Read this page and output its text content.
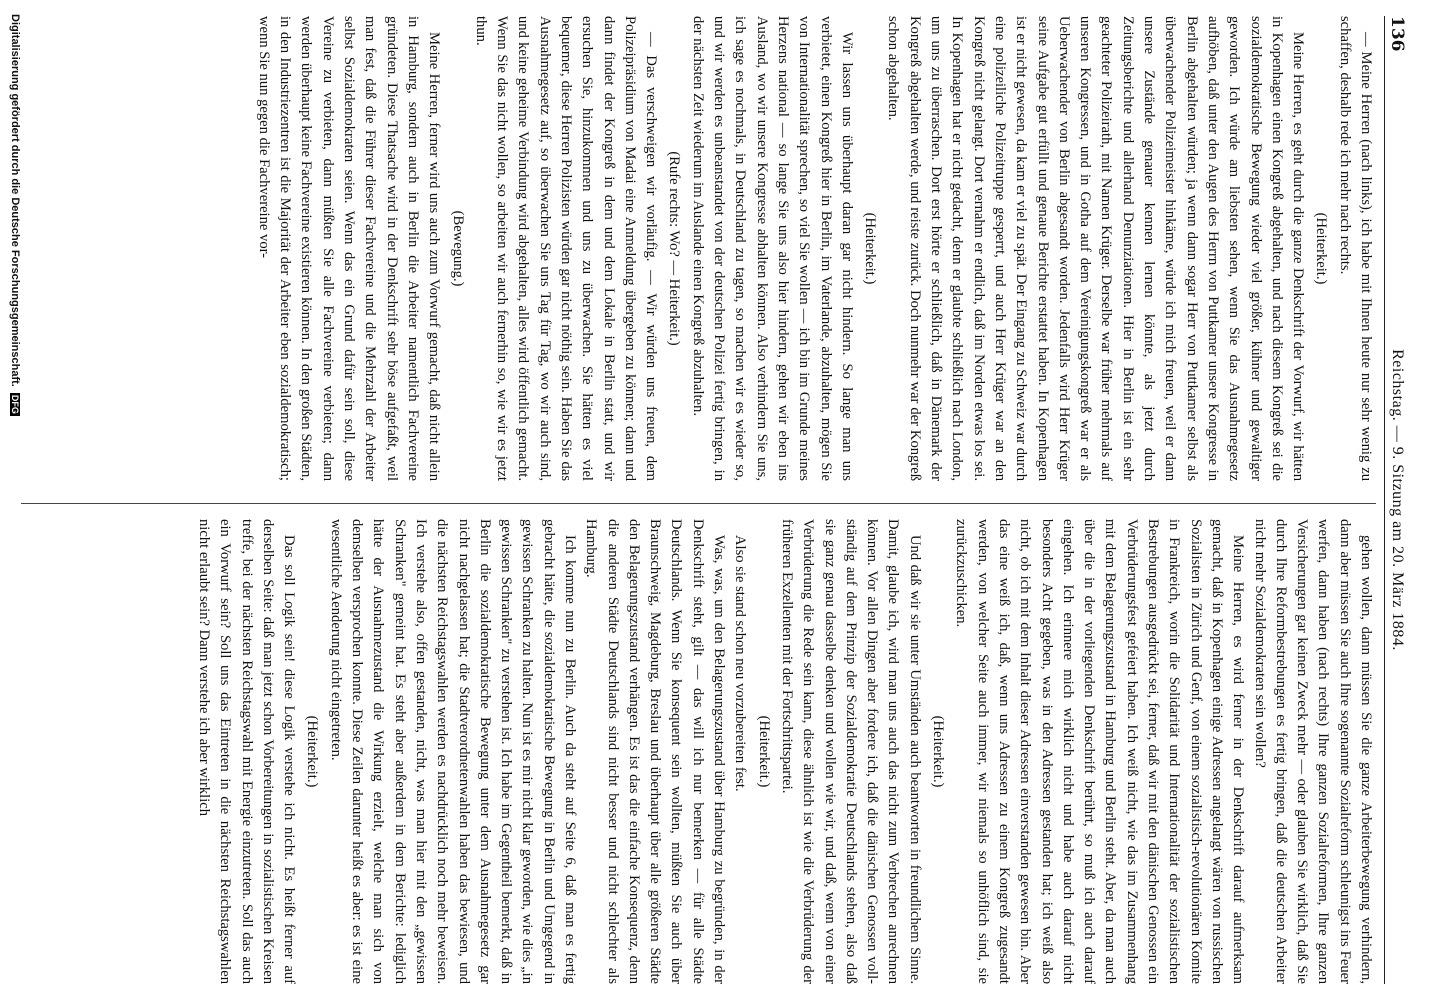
136
Reichstag. — 9. Sitzung am 20. März 1884.

— Meine Herren (nach links), ich habe mit Ihnen heute nur sehr wenig zu schaffen, deshalb rede ich mehr nach rechts.

(Heiterkeit.)

Meine Herren, es geht durch die ganze Denkschrift der Vorwurf, wir hätten in Kopenhagen einen Kongreß abgehalten, und nach diesem Kongreß sei die sozialdemokratische Bewegung wieder viel größer, kühner und gewaltiger geworden. Ich würde am liebsten sehen, wenn Sie das Ausnahmegesetz aufhöben, daß unter den Augen des Herrn von Puttkamer unsere Kongresse in Berlin abgehalten würden; ja wenn dann sogar Herr von Puttkamer selbst als überwachender Polizeimeister hinkäme, würde ich mich freuen, weil er dann unsere Zustände genauer kennen lernen könnte, als jetzt durch Zeitungsberichte und allerhand Denunziationen. Hier in Berlin ist ein sehr geachteter Polizeirath, mit Namen Krüger. Derselbe war früher mehrmals auf unseren Kongressen, und in Gotha auf dem Vereinigungskongreß war er als Ueberwachender von Berlin abgesandt worden. Jedenfalls wird Herr Krüger seine Aufgabe gut erfüllt und genaue Berichte erstattet haben. In Kopenhagen ist er nicht gewesen, da kam er viel zu spät. Der Eingang zu Schweiz war durch eine polizeiliche Polizeitruppe gesperrt, und auch Herr Krüger war an den Kongreß nicht gelangt. Dort vernahm er endlich, daß im Norden etwas los sei. In Kopenhagen hat er nicht gedacht, denn er glaubte schließlich nach London, um uns zu überraschen. Dort erst hörte er schließlich, daß in Dänemark der Kongreß abgehalten werde, und reiste zurück. Doch nunmehr war der Kongreß schon abgehalten.

(Heiterkeit.)

Wir lassen uns überhaupt daran gar nicht hindern. So lange man uns verbietet, einen Kongreß hier in Berlin, im Vaterlande, abzuhalten, mögen Sie von Internationalität sprechen, so viel Sie wollen — ich bin im Grunde meines Herzens national — so lange Sie uns also hier hindern, gehen wir eben ins Ausland, wo wir unsere Kongresse abhalten können. Also verhindern Sie uns, ich sage es nochmals, in Deutschland zu tagen, so machen wir es wieder so, und wir werden es unbeanstandet von der deutschen Polizei fertig bringen, in der nächsten Zeit wiederum im Auslande einen Kongreß abzuhalten.

(Rufe rechts: Wo? — Heiterkeit.)

— Das verschweigen wir vorläufig. — Wir würden uns freuen, dem Polizeipräsidium von Madai eine Anmeldung übergeben zu können; dann und dann findet der Kongreß in dem und dem Lokale in Berlin statt, und wir ersuchen Sie, hinzukommen und uns zu überwachen. Sie hätten es viel bequemer, diese Herren Polizisten würden gar nicht nöthig sein. Haben Sie das Ausnahmegesetz auf, so überwachen Sie uns Tag für Tag, wo wir auch sind, und keine geheime Verbindung wird abgehalten, alles wird öffentlich gemacht. Wenn Sie das nicht wollen, so arbeiten wir auch fernerhin so, wie wir es jetzt thun.

(Bewegung.)

Meine Herren, ferner wird uns auch zum Vorwurf gemacht, daß nicht allein in Hamburg, sondern auch in Berlin die Arbeiter namentlich Fachvereine gründeten. Diese Thatsache wird in der Denkschrift sehr böse aufgefaßt, weil man fest, daß die Führer dieser Fachvereine und die Mehrzahl der Arbeiter selbst Sozialdemokraten seien. Wenn das ein Grund dafür sein soll, diese Vereine zu verbieten, dann müßten Sie alle Fachvereine verbieten; dann werden überhaupt keine Fachvereine existieren können. In den großen Städten, in den Industriezentren ist die Majorität der Arbeiter eben sozialdemokratisch; wenn Sie nun gegen die Fachvereine vor-

gehen wollen, dann müssen Sie die ganze Arbeiterbewegung verhindern, dann aber müssen Sie auch Ihre sogenannte Sozialreform schleunigst ins Feuer werfen, dann haben (nach rechts) Ihre ganzen Sozialreformen, Ihre ganzen Versicherungen gar keinen Zweck mehr — oder glauben Sie wirklich, daß Sie durch Ihre Reformbestrebungen es fertig bringen, daß die deutschen Arbeiter nicht mehr Sozialdemokraten sein wollen?

Meine Herren, es wird ferner in der Denkschrift darauf aufmerksam gemacht, daß in Kopenhagen einige Adressen angelangt wären von russischen Sozialisten in Zürich und Genf, von einem sozialistisch-revolutionären Komite in Frankreich, worin die Solidarität und Internationalität der sozialistischen Bestrebungen ausgedrückt sei, ferner, daß wir mit den dänischen Genossen ein Verbrüderungsfest gefeiert haben. Ich weiß nicht, wie das im Zusammenhang mit dem Belagerungszustand in Hamburg und Berlin steht. Aber, da man auch über die in der vorliegenden Denkschrift berührt, so muß ich auch darauf eingehen. Ich erinnere mich wirklich nicht und habe auch darauf nicht besonders Acht gegeben, was in den Adressen gestanden hat; ich weiß also nicht, ob ich mit dem Inhalt dieser Adressen einverstanden gewesen bin. Aber das eine weiß ich, daß, wenn uns Adressen zu einem Kongreß zugesandt werden, von welcher Seite auch immer, wir niemals so unhöflich sind, sie zurückzuschicken.

(Heiterkeit.)

Und daß wir sie unter Umständen auch beantworten in freundlichem Sinne. Damit, glaube ich, wird man uns auch das nicht zum Verbrechen anrechnen können. Vor allen Dingen aber fordere ich, daß die dänischen Genossen voll-ständig auf dem Prinzip der Sozialdemokratie Deutschlands stehen, also daß sie ganz genau dasselbe denken und wollen wie wir, und daß, wenn von einer Verbrüderung die Rede sein kann, diese ähnlich ist wie die Verbrüderung der früheren Exzellenten mit der Fortschrittspartei.

(Heiterkeit.)

Also sie stand schon neu vorzubereiten fest.

Was, was, um den Belagerungszustand über Hamburg zu begründen, in der Denkschrift steht, gilt — das will ich nur bemerken — für alle Städte Deutschlands. Wenn Sie konsequent sein wollten, müßten Sie auch über Braunschweig, Magdeburg, Breslau und überhaupt über alle größeren Städte den Belagerungszustand verhängen. Es ist das die einfache Konsequenz, denn die anderen Städte Deutschlands sind nicht besser und nicht schlechter als Hamburg.

Ich komme nun zu Berlin. Auch da steht auf Seite 6, daß man es fertig gebracht hätte, die sozialdemokratische Bewegung in Berlin und Umgegend in gewissen Schranken zu halten. Nun ist es mir nicht klar geworden, wie dies „in gewissen Schranken" zu verstehen ist. Ich habe im Gegentheil bemerkt, daß in Berlin die sozialdemokratische Bewegung unter dem Ausnahmegesetz gar nicht nachgelassen hat; die Stadtverordnetenwahlen haben das bewiesen, und die nächsten Reichstagswahlen werden es nachdrücklich noch mehr beweisen. Ich verstehe also, offen gestanden, nicht, was man hier mit den „gewissen Schranken" gemeint hat. Es steht aber außerdem in dem Berichte: lediglich hätte der Ausnahmezustand die Wirkung erzielt, welche man sich von demselben versprochen konnte. Diese Zeilen darunter heißt es aber: es ist eine wesentliche Aenderung nicht eingetreten.

(Heiterkeit.)

Das soll Logik sein! diese Logik verstehe ich nicht. Es heißt ferner auf derselben Seite: daß man jetzt schon Vorbereitungen in sozialistischen Kreisen treffe, bei der nächsten Reichstagswahl mit Energie einzutreten. Soll das auch ein Vorwurf sein? Soll uns das Eintreten in die nächsten Reichstagswahlen nicht erlaubt sein? Dann verstehe ich aber wirklich

Digitalisierung gefördert durch die Deutsche Forschungsgemeinschaft. DFG
